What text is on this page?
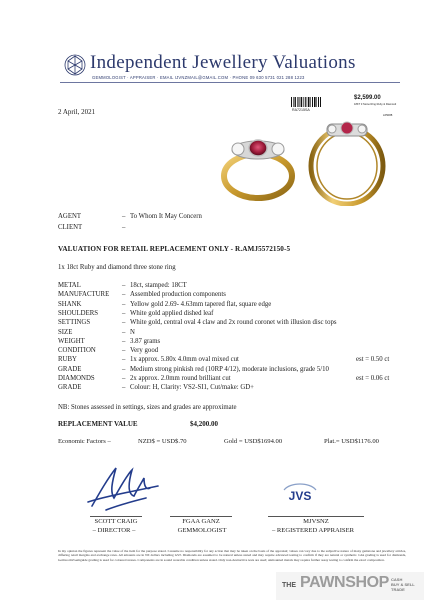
Independent Jewellery Valuations
GEMMOLOGIST · APPRAISER · EMAIL IJVNZMAIL@GMAIL.COM · PHONE 09 630 5731 021 288 1223
2 April, 2021	RA7215SA
$2,599.00
18KT 3 Stone Ring Ruby & Diamond
L65088
AGENT	– To Whom It May Concern
CLIENT	–
VALUATION FOR RETAIL REPLACEMENT ONLY - R.AMJ5572150-5
1x 18ct Ruby and diamond three stone ring
METAL	– 18ct, stamped: 18CT
MANUFACTURE – Assembled production components
SHANK	– Yellow gold 2.69- 4.63mm tapered flat, square edge
SHOULDERS	– White gold applied dished leaf
SETTINGS	– White gold, central oval 4 claw and 2x round coronet with illusion disc tops
SIZE	– N
WEIGHT	– 3.87 grams
CONDITION	– Very good
RUBY	– 1x approx. 5.80x 4.0mm oval mixed cut	est = 0.50 ct
GRADE	– Medium strong pinkish red (10RP 4/12), moderate inclusions, grade 5/10
DIAMONDS	– 2x approx. 2.0mm round brilliant cut	est = 0.06 ct
GRADE	– Colour: H, Clarity: VS2-SI1, Cut/make: GD+
NB: Stones assessed in settings, sizes and grades are approximate
REPLACEMENT VALUE	$4,200.00
Economic Factors –	NZD$ = USD$.70	Gold = USD$1694.00	Plat.= USD$1176.00
JVS
SCOTT CRAIG
– DIRECTOR –
FGAA GANZ
GEMMOLOGIST
MJVSNZ
– REGISTERED APPRAISER
In my opinion the figures represent the value of the item for the purpose stated. I assume no responsibility for any action that may be taken on the basis of the appraisal; values can vary due to the subjective nature of many gemstone and jewellery articles, differing retail margins and exchange rates. All amounts are in NZ dollars including GST. Diamonds are assumed to be natural unless stated and may require advanced testing to confirm if they are natural or synthetic. GIA grading is used for diamonds, Gemworld/Gemguide grading is used for coloured stones. Components are in sound wearable condition unless stated. Only non-destructive tests are used; unmounted metals may require further assay testing to confirm the exact composition.
THE PAWNSHOP CASH
BUY & SELL
TRADE
